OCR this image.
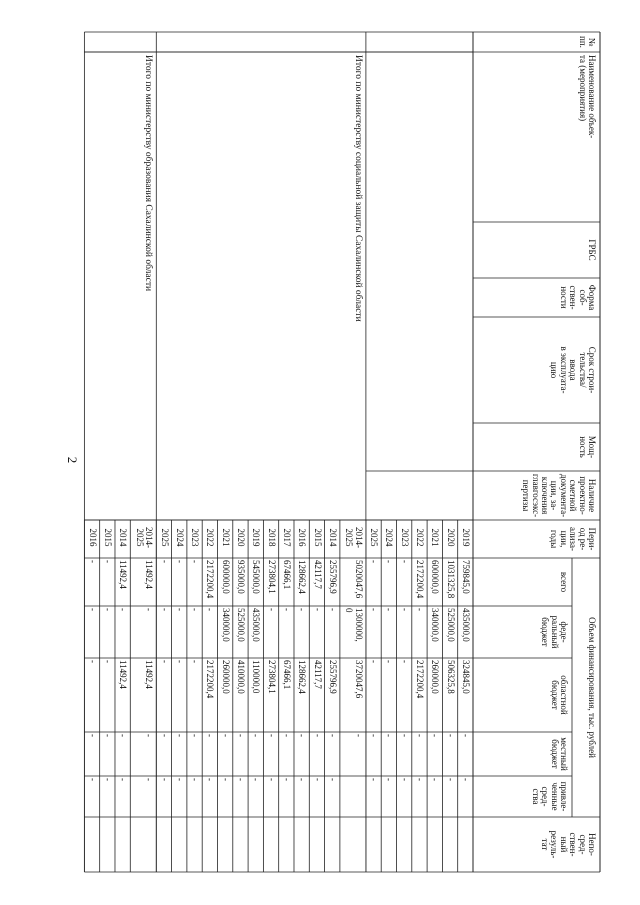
2
№
пп.
Наименование объек-
та (мероприятия)
ГРБС
Форма
соб-
ствен-
ности
Срок строи-
тельства/
ввода
в эксплуата-
цию
Мощ-
ность
Наличие
проектно-
сметной
документа-
ции, за-
ключения
главгосэкс-
пертизы
Пери-
од ре-
ализа-
ции,
годы
Объем финансирования, тыс. рублей
всего
феде-
ральный
бюджет
областной
бюджет
местный
бюджет
привле-
ченные
сред-
ства
Непо-
сред-
ствен-
ный
резуль-
тат
2019
759845,0
435000,0
324845,0
-
-
2020
1031325,8
525000,0
506325,8
-
-
2021
600000,0
340000,0
260000,0
-
-
2022
2172200,4
-
2172200,4
-
-
2023
-
-
-
-
-
2024
-
-
-
-
-
2025
-
-
-
-
-
2014-
2025
5020047,6
1300000,
0
3720047,6
-
2014
255796,9
-
255796,9
-
-
2015
42117,7
-
42117,7
-
-
2016
128662,4
-
128662,4
-
-
2017
67466,1
-
67466,1
-
-
2018
273804,1
-
273804,1
-
-
2019
545000,0
435000,0
110000,0
-
-
2020
935000,0
525000,0
410000,0
-
-
2021
600000,0
340000,0
260000,0
-
-
2022
2172200,4
-
2172200,4
-
-
2023
-
-
-
-
-
2024
-
-
-
-
-
2025
-
-
-
-
-
2014-
2025
11492,4
-
11492,4
-
-
2014
11492,4
-
11492,4
-
-
2015
-
-
-
-
-
2016
-
-
-
-
-
Итого по министерству социальной защиты Сахалинской области
Итого по министерству образования Сахалинской области
